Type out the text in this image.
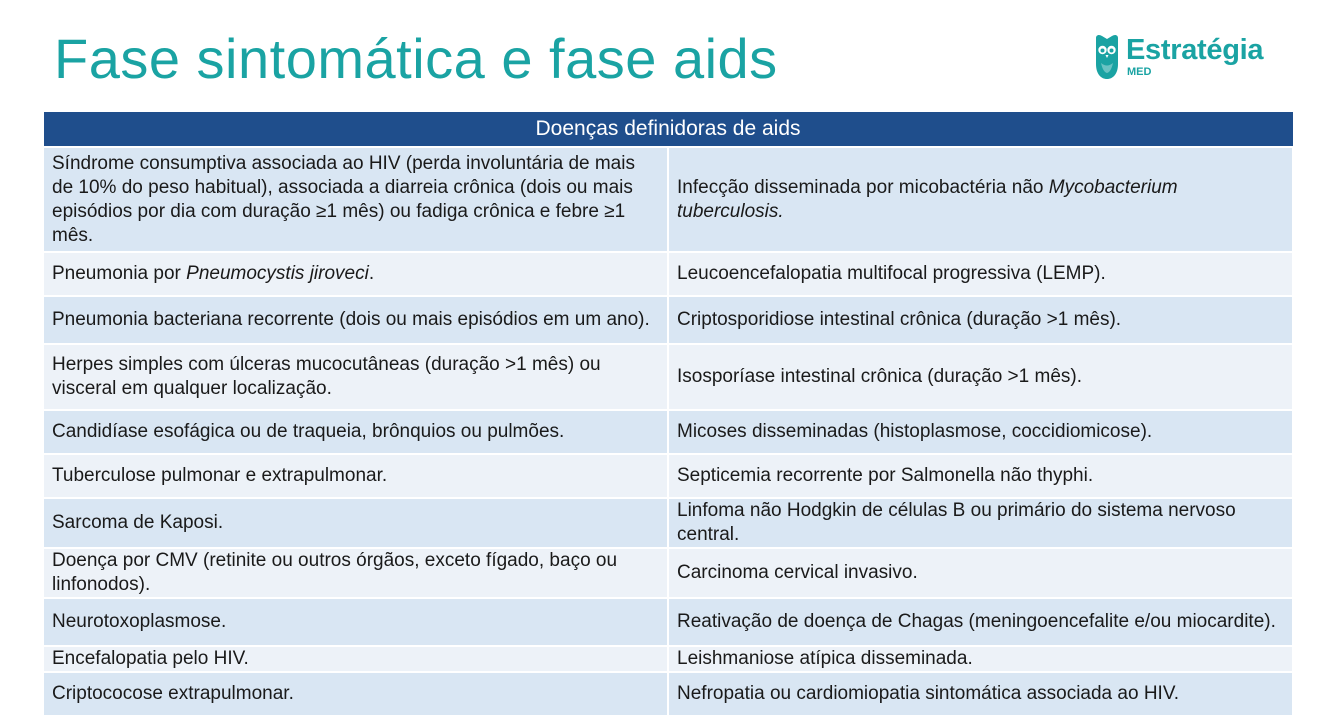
Fase sintomática e fase aids	Estratégia
MED
Doenças definidoras de aids	
Síndrome consumptiva associada ao HIV (perda involuntária de mais de 10% do peso habitual), associada a diarreia crônica (dois ou mais episódios por dia com duração ≥1 mês) ou fadiga crônica e febre ≥1 mês.	Infecção disseminada por micobactéria não Mycobacterium tuberculosis.
Pneumonia por Pneumocystis jiroveci.	Leucoencefalopatia multifocal progressiva (LEMP).
Pneumonia bacteriana recorrente (dois ou mais episódios em um ano).	Criptosporidiose intestinal crônica (duração >1 mês).
Herpes simples com úlceras mucocutâneas (duração >1 mês) ou visceral em qualquer localização.	Isosporíase intestinal crônica (duração >1 mês).
Candidíase esofágica ou de traqueia, brônquios ou pulmões.	Micoses disseminadas (histoplasmose, coccidiomicose).
Tuberculose pulmonar e extrapulmonar.	Septicemia recorrente por Salmonella não thyphi.
Sarcoma de Kaposi.	Linfoma não Hodgkin de células B ou primário do sistema nervoso central.
Doença por CMV (retinite ou outros órgãos, exceto fígado, baço ou linfonodos).	Carcinoma cervical invasivo.
Neurotoxoplasmose.	Reativação de doença de Chagas (meningoencefalite e/ou miocardite).
Encefalopatia pelo HIV.	Leishmaniose atípica disseminada.
Criptococose extrapulmonar.	Nefropatia ou cardiomiopatia sintomática associada ao HIV.
